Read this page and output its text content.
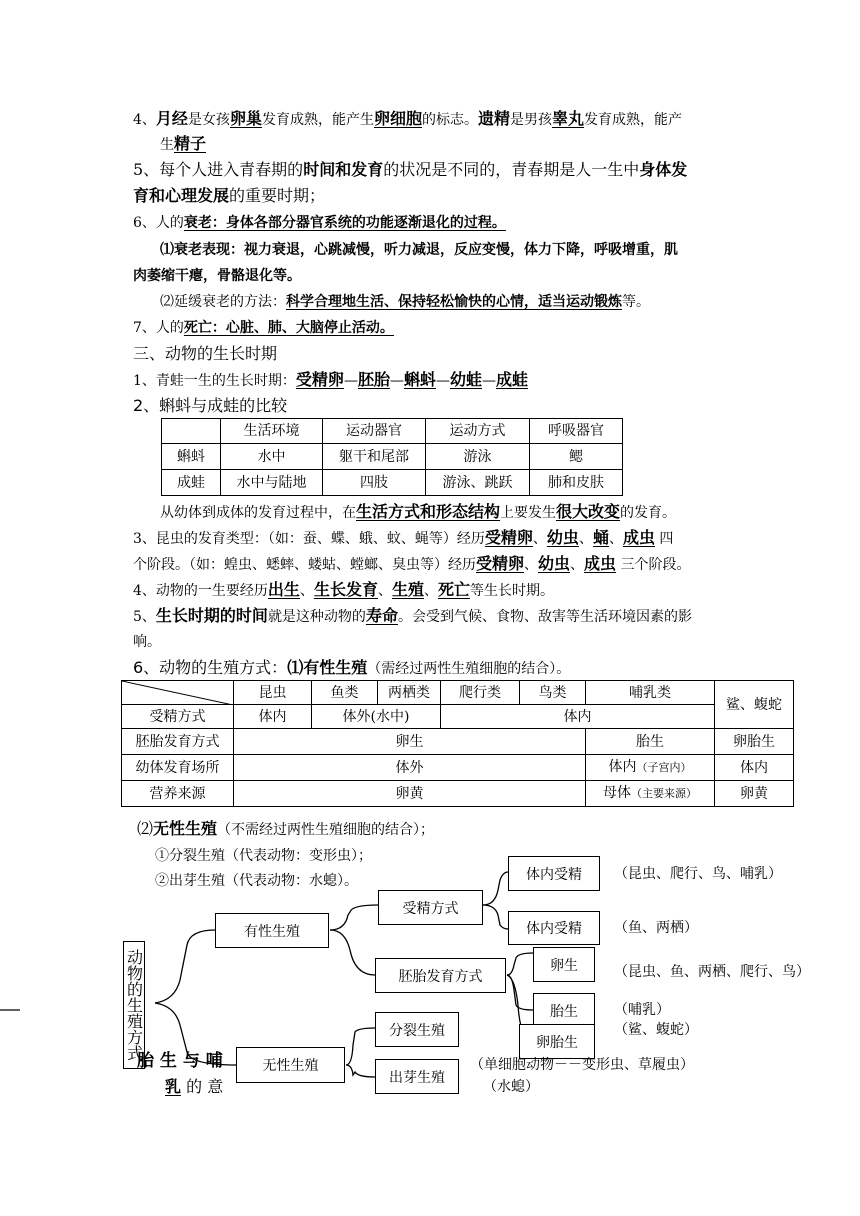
4、月经是女孩卵巢发育成熟，能产生卵细胞的标志。遗精是男孩睾丸发育成熟，能产
生精子
5、每个人进入青春期的时间和发育的状况是不同的，青春期是人一生中身体发
育和心理发展的重要时期；
6、人的衰老：身体各部分器官系统的功能逐渐退化的过程。
⑴衰老表现：视力衰退，心跳减慢，听力减退，反应变慢，体力下降，呼吸增重，肌
肉萎缩干瘪，骨骼退化等。
⑵延缓衰老的方法：科学合理地生活、保持轻松愉快的心情，适当运动锻炼等。
7、人的死亡：心脏、肺、大脑停止活动。
三、动物的生长时期
1、青蛙一生的生长时期：受精卵—胚胎—蝌蚪—幼蛙—成蛙
2、蝌蚪与成蛙的比较
	生活环境	运动器官	运动方式	呼吸器官
蝌蚪	水中	躯干和尾部	游泳	鳃
成蛙	水中与陆地	四肢	游泳、跳跃	肺和皮肤
从幼体到成体的发育过程中，在生活方式和形态结构上要发生很大改变的发育。
3、昆虫的发育类型：（如：蚕、蝶、蛾、蚊、蝇等）经历受精卵、幼虫、蛹、成虫 四
个阶段。（如：蝗虫、蟋蟀、蝼蛄、螳螂、臭虫等）经历受精卵、幼虫、成虫 三个阶段。
4、动物的一生要经历出生、生长发育、生殖、死亡等生长时期。
5、生长时期的时间就是这种动物的寿命。会受到气候、食物、敌害等生活环境因素的影
响。
6、动物的生殖方式：⑴有性生殖（需经过两性生殖细胞的结合）。
	昆虫	鱼类	两栖类	爬行类	鸟类	哺乳类	鲨、蝮蛇
受精方式	体内	体外(水中)		体内			
胚胎发育方式	卵生					胎生	卵胎生
幼体发育场所	体外					体内（子宫内）	体内
营养来源	卵黄					母体（主要来源）	卵黄
⑵无性生殖（不需经过两性生殖细胞的结合）；
①分裂生殖（代表动物：变形虫）；
②出芽生殖（代表动物：水螅）。
动物的生殖方式
有性生殖
无性生殖
受精方式
胚胎发育方式
体内受精
体内受精
卵生
胎生
卵胎生
分裂生殖
出芽生殖
（昆虫、爬行、鸟、哺乳）
（鱼、两栖）
（昆虫、鱼、两栖、爬行、鸟）
（哺乳）
（鲨、蝮蛇）
（单细胞动物－－变形虫、草履虫）
（水螅）
胎 生 与 哺
乳 的 意
